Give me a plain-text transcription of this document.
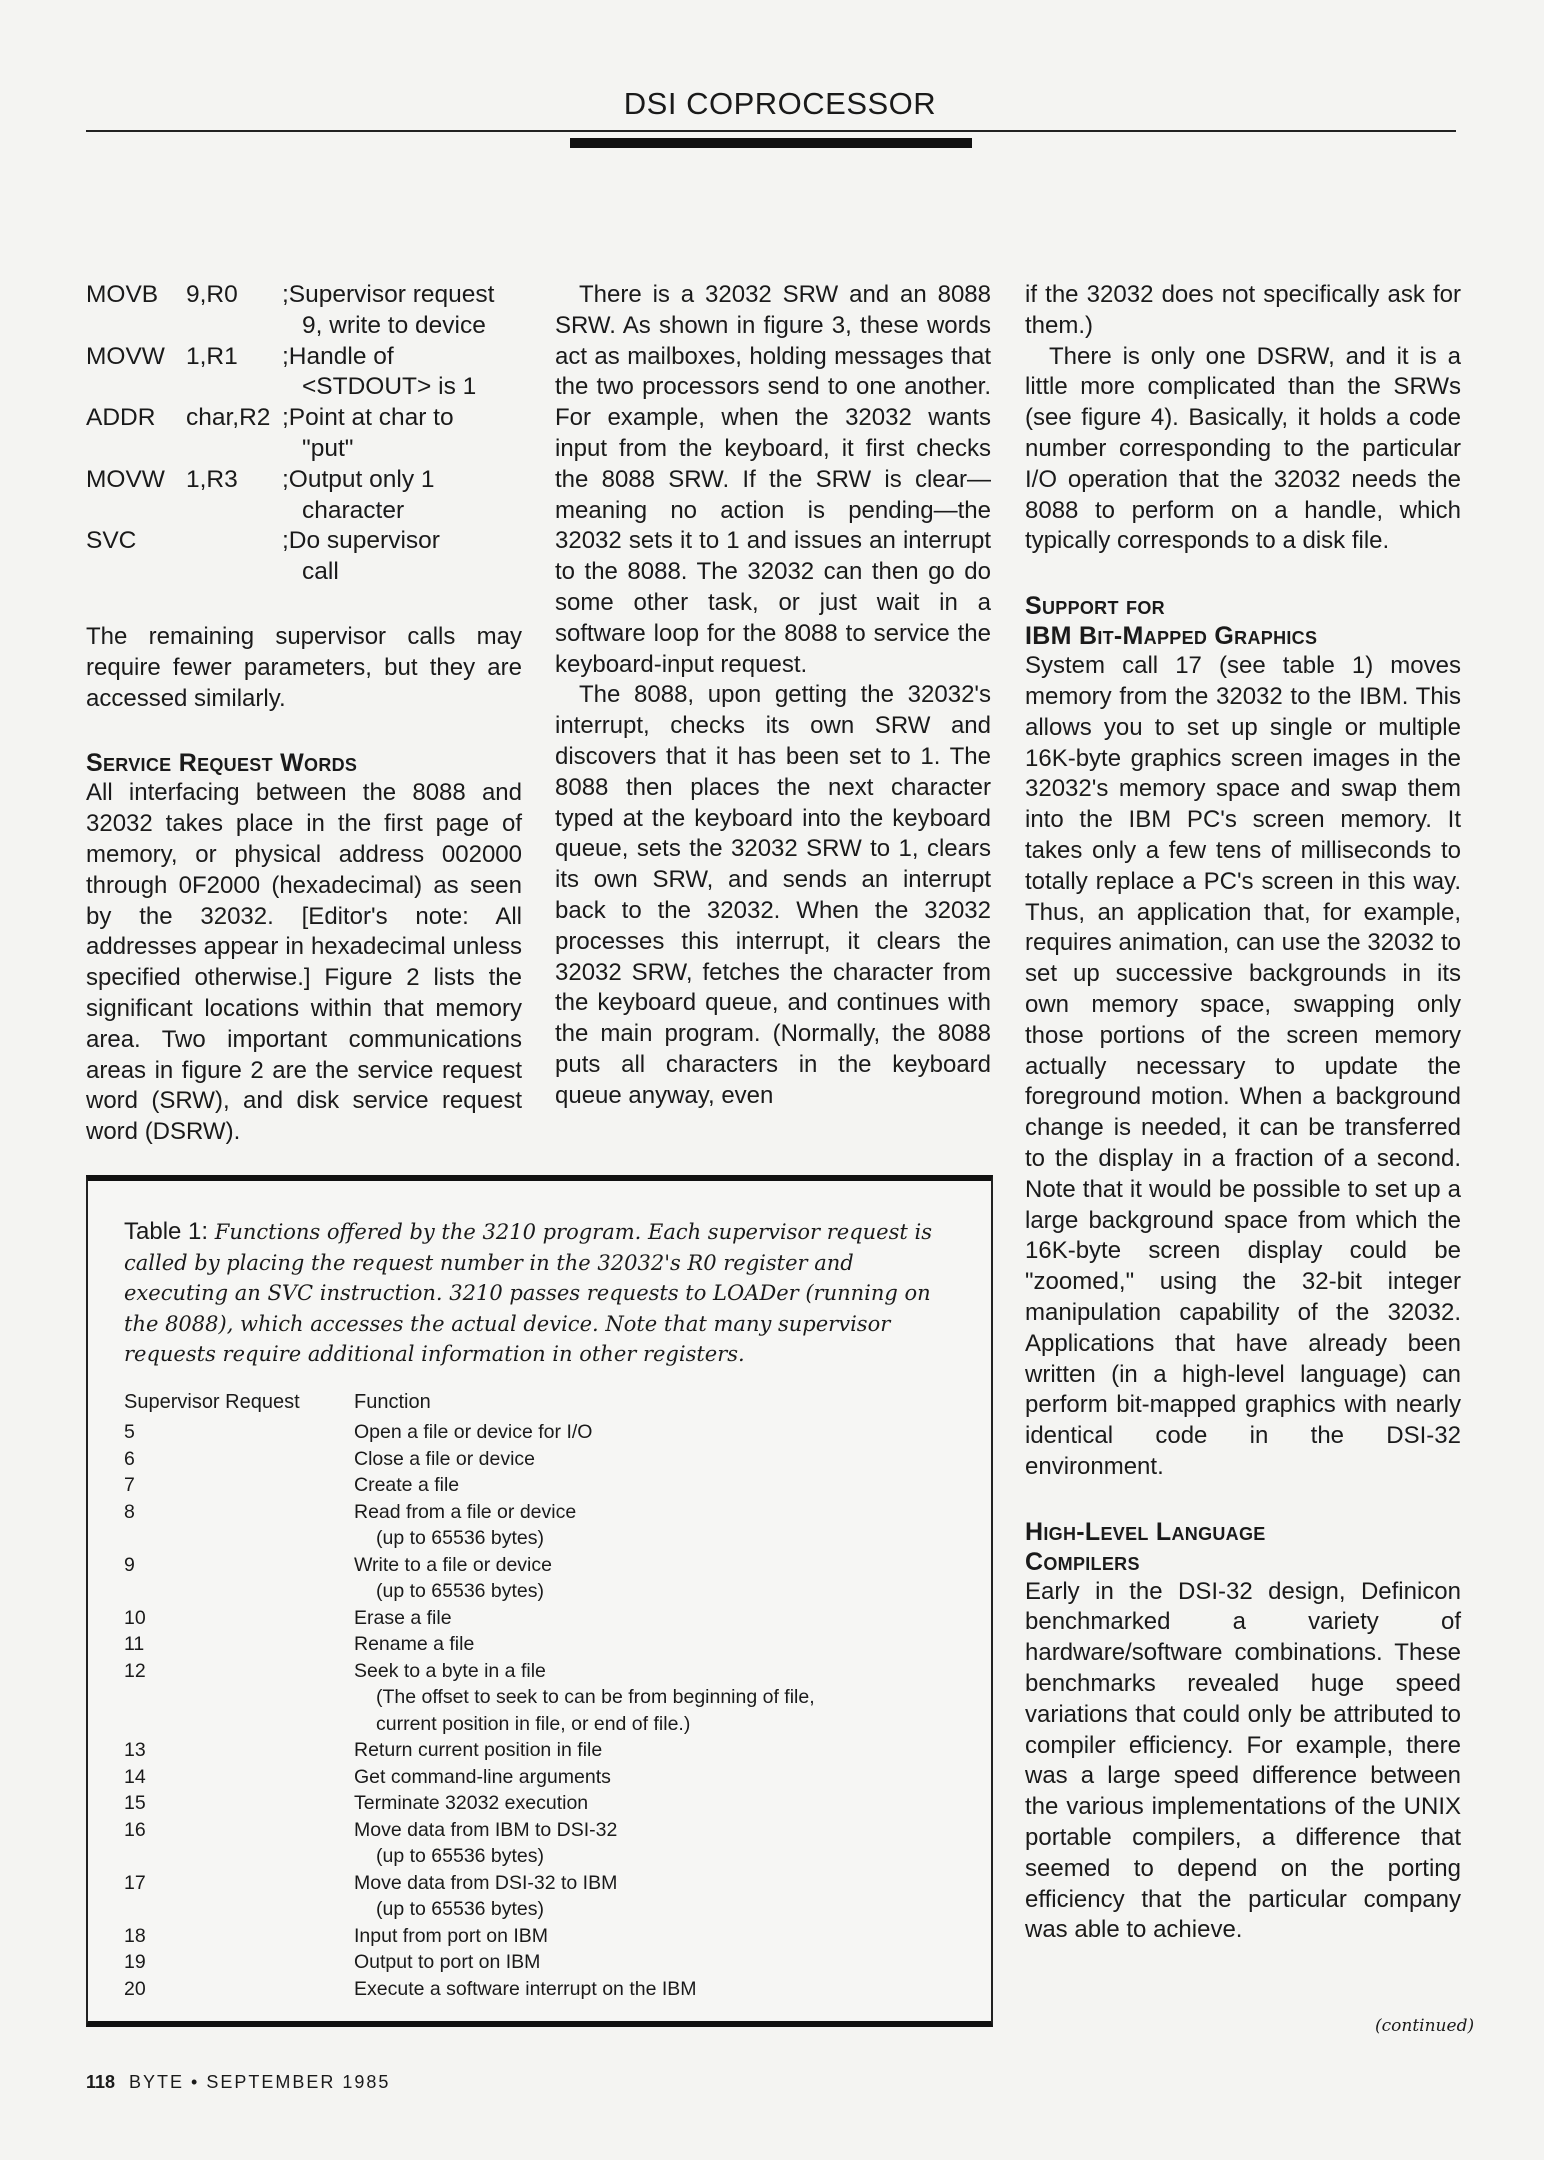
DSI COPROCESSOR
MOVB	9,R0	;Supervisor request
9, write to device
MOVW 1,R1	;Handle of
<STDOUT> is 1
ADDR	char,R2 ;Point at char to
"put"
MOVW 1,R3	;Output only 1
character
SVC	;Do supervisor
call

The remaining supervisor calls may require fewer parameters, but they are accessed similarly.

Service Request Words

All interfacing between the 8088 and 32032 takes place in the first page of memory, or physical address 002000 through 0F2000 (hexadecimal) as seen by the 32032. [Editor's note: All addresses appear in hexadecimal unless specified otherwise.] Figure 2 lists the significant locations within that memory area. Two important communications areas in figure 2 are the service request word (SRW), and disk service request word (DSRW).

There is a 32032 SRW and an 8088 SRW. As shown in figure 3, these words act as mailboxes, holding messages that the two processors send to one another. For example, when the 32032 wants input from the keyboard, it first checks the 8088 SRW. If the SRW is clear—meaning no action is pending—the 32032 sets it to 1 and issues an interrupt to the 8088. The 32032 can then go do some other task, or just wait in a software loop for the 8088 to service the keyboard-input request.

The 8088, upon getting the 32032's interrupt, checks its own SRW and discovers that it has been set to 1. The 8088 then places the next character typed at the keyboard into the keyboard queue, sets the 32032 SRW to 1, clears its own SRW, and sends an interrupt back to the 32032. When the 32032 processes this interrupt, it clears the 32032 SRW, fetches the character from the keyboard queue, and continues with the main program. (Normally, the 8088 puts all characters in the keyboard queue anyway, even

if the 32032 does not specifically ask for them.)

There is only one DSRW, and it is a little more complicated than the SRWs (see figure 4). Basically, it holds a code number corresponding to the particular I/O operation that the 32032 needs the 8088 to perform on a handle, which typically corresponds to a disk file.

Support for
IBM Bit-Mapped Graphics

System call 17 (see table 1) moves memory from the 32032 to the IBM. This allows you to set up single or multiple 16K-byte graphics screen images in the 32032's memory space and swap them into the IBM PC's screen memory. It takes only a few tens of milliseconds to totally replace a PC's screen in this way. Thus, an application that, for example, requires animation, can use the 32032 to set up successive backgrounds in its own memory space, swapping only those portions of the screen memory actually necessary to update the foreground motion. When a background change is needed, it can be transferred to the display in a fraction of a second. Note that it would be possible to set up a large background space from which the 16K-byte screen display could be "zoomed," using the 32-bit integer manipulation capability of the 32032. Applications that have already been written (in a high-level language) can perform bit-mapped graphics with nearly identical code in the DSI-32 environment.

High-Level Language
Compilers

Early in the DSI-32 design, Definicon benchmarked a variety of hardware/software combinations. These benchmarks revealed huge speed variations that could only be attributed to compiler efficiency. For example, there was a large speed difference between the various implementations of the UNIX portable compilers, a difference that seemed to depend on the porting efficiency that the particular company was able to achieve.

(continued)
Table 1: Functions offered by the 3210 program. Each supervisor request is called by placing the request number in the 32032's R0 register and executing an SVC instruction. 3210 passes requests to LOADer (running on the 8088), which accesses the actual device. Note that many supervisor requests require additional information in other registers.
Supervisor Request	Function
5	Open a file or device for I/O
6	Close a file or device
7	Create a file
8	Read from a file or device
(up to 65536 bytes)
9	Write to a file or device
(up to 65536 bytes)
10	Erase a file
11	Rename a file
12	Seek to a byte in a file
(The offset to seek to can be from beginning of file,
current position in file, or end of file.)
13	Return current position in file
14	Get command-line arguments
15	Terminate 32032 execution
16	Move data from IBM to DSI-32
(up to 65536 bytes)
17	Move data from DSI-32 to IBM
(up to 65536 bytes)
18	Input from port on IBM
19	Output to port on IBM
20	Execute a software interrupt on the IBM
118 BYTE • SEPTEMBER 1985
